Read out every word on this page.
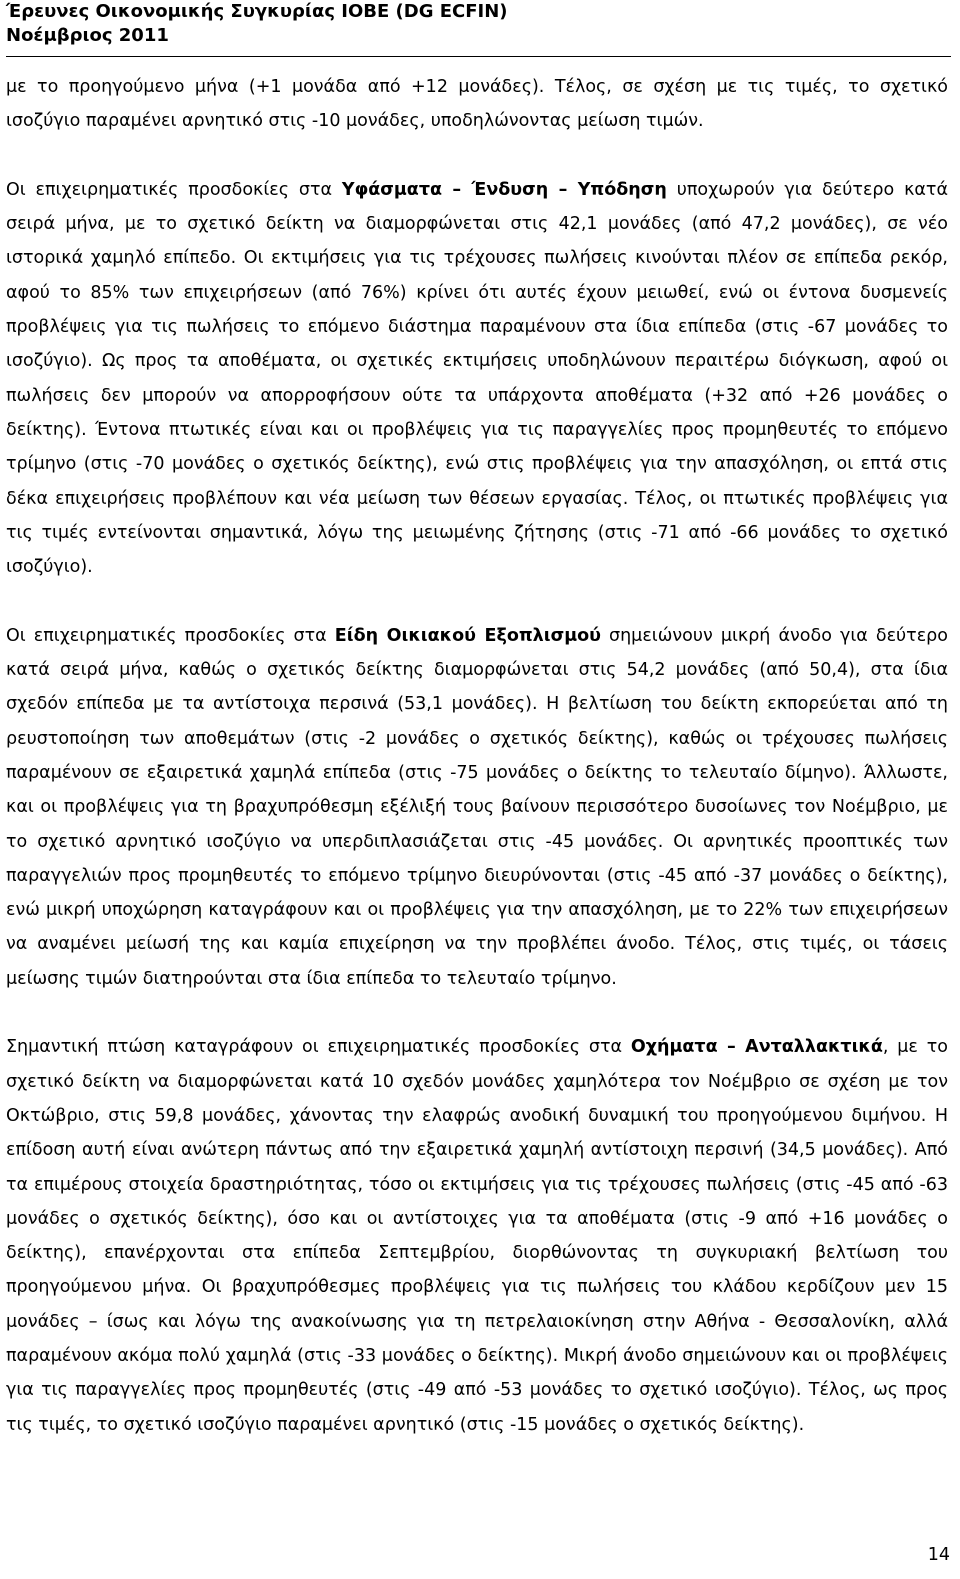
Έρευνες Οικονομικής Συγκυρίας ΙΟΒΕ (DG ECFIN)
Νοέμβριος 2011

με το προηγούμενο μήνα (+1 μονάδα από +12 μονάδες). Τέλος, σε σχέση με τις τιμές, το σχετικό ισοζύγιο παραμένει αρνητικό στις -10 μονάδες, υποδηλώνοντας μείωση τιμών.

Οι επιχειρηματικές προσδοκίες στα Υφάσματα – Ένδυση – Υπόδηση υποχωρούν για δεύτερο κατά σειρά μήνα, με το σχετικό δείκτη να διαμορφώνεται στις 42,1 μονάδες (από 47,2 μονάδες), σε νέο ιστορικά χαμηλό επίπεδο. Οι εκτιμήσεις για τις τρέχουσες πωλήσεις κινούνται πλέον σε επίπεδα ρεκόρ, αφού το 85% των επιχειρήσεων (από 76%) κρίνει ότι αυτές έχουν μειωθεί, ενώ οι έντονα δυσμενείς προβλέψεις για τις πωλήσεις το επόμενο διάστημα παραμένουν στα ίδια επίπεδα (στις -67 μονάδες το ισοζύγιο). Ως προς τα αποθέματα, οι σχετικές εκτιμήσεις υποδηλώνουν περαιτέρω διόγκωση, αφού οι πωλήσεις δεν μπορούν να απορροφήσουν ούτε τα υπάρχοντα αποθέματα (+32 από +26 μονάδες ο δείκτης). Έντονα πτωτικές είναι και οι προβλέψεις για τις παραγγελίες προς προμηθευτές το επόμενο τρίμηνο (στις -70 μονάδες ο σχετικός δείκτης), ενώ στις προβλέψεις για την απασχόληση, οι επτά στις δέκα επιχειρήσεις προβλέπουν και νέα μείωση των θέσεων εργασίας. Τέλος, οι πτωτικές προβλέψεις για τις τιμές εντείνονται σημαντικά, λόγω της μειωμένης ζήτησης (στις -71 από -66 μονάδες το σχετικό ισοζύγιο).

Οι επιχειρηματικές προσδοκίες στα Είδη Οικιακού Εξοπλισμού σημειώνουν μικρή άνοδο για δεύτερο κατά σειρά μήνα, καθώς ο σχετικός δείκτης διαμορφώνεται στις 54,2 μονάδες (από 50,4), στα ίδια σχεδόν επίπεδα με τα αντίστοιχα περσινά (53,1 μονάδες). Η βελτίωση του δείκτη εκπορεύεται από τη ρευστοποίηση των αποθεμάτων (στις -2 μονάδες ο σχετικός δείκτης), καθώς οι τρέχουσες πωλήσεις παραμένουν σε εξαιρετικά χαμηλά επίπεδα (στις -75 μονάδες ο δείκτης το τελευταίο δίμηνο). Άλλωστε, και οι προβλέψεις για τη βραχυπρόθεσμη εξέλιξή τους βαίνουν περισσότερο δυσοίωνες τον Νοέμβριο, με το σχετικό αρνητικό ισοζύγιο να υπερδιπλασιάζεται στις -45 μονάδες. Οι αρνητικές προοπτικές των παραγγελιών προς προμηθευτές το επόμενο τρίμηνο διευρύνονται (στις -45 από -37 μονάδες ο δείκτης), ενώ μικρή υποχώρηση καταγράφουν και οι προβλέψεις για την απασχόληση, με το 22% των επιχειρήσεων να αναμένει μείωσή της και καμία επιχείρηση να την προβλέπει άνοδο. Τέλος, στις τιμές, οι τάσεις μείωσης τιμών διατηρούνται στα ίδια επίπεδα το τελευταίο τρίμηνο.

Σημαντική πτώση καταγράφουν οι επιχειρηματικές προσδοκίες στα Οχήματα – Ανταλλακτικά, με το σχετικό δείκτη να διαμορφώνεται κατά 10 σχεδόν μονάδες χαμηλότερα τον Νοέμβριο σε σχέση με τον Οκτώβριο, στις 59,8 μονάδες, χάνοντας την ελαφρώς ανοδική δυναμική του προηγούμενου διμήνου. Η επίδοση αυτή είναι ανώτερη πάντως από την εξαιρετικά χαμηλή αντίστοιχη περσινή (34,5 μονάδες). Από τα επιμέρους στοιχεία δραστηριότητας, τόσο οι εκτιμήσεις για τις τρέχουσες πωλήσεις (στις -45 από -63 μονάδες ο σχετικός δείκτης), όσο και οι αντίστοιχες για τα αποθέματα (στις -9 από +16 μονάδες ο δείκτης), επανέρχονται στα επίπεδα Σεπτεμβρίου, διορθώνοντας τη συγκυριακή βελτίωση του προηγούμενου μήνα. Οι βραχυπρόθεσμες προβλέψεις για τις πωλήσεις του κλάδου κερδίζουν μεν 15 μονάδες – ίσως και λόγω της ανακοίνωσης για τη πετρελαιοκίνηση στην Αθήνα - Θεσσαλονίκη, αλλά παραμένουν ακόμα πολύ χαμηλά (στις -33 μονάδες ο δείκτης). Μικρή άνοδο σημειώνουν και οι προβλέψεις για τις παραγγελίες προς προμηθευτές (στις -49 από -53 μονάδες το σχετικό ισοζύγιο). Τέλος, ως προς τις τιμές, το σχετικό ισοζύγιο παραμένει αρνητικό (στις -15 μονάδες ο σχετικός δείκτης).

14
